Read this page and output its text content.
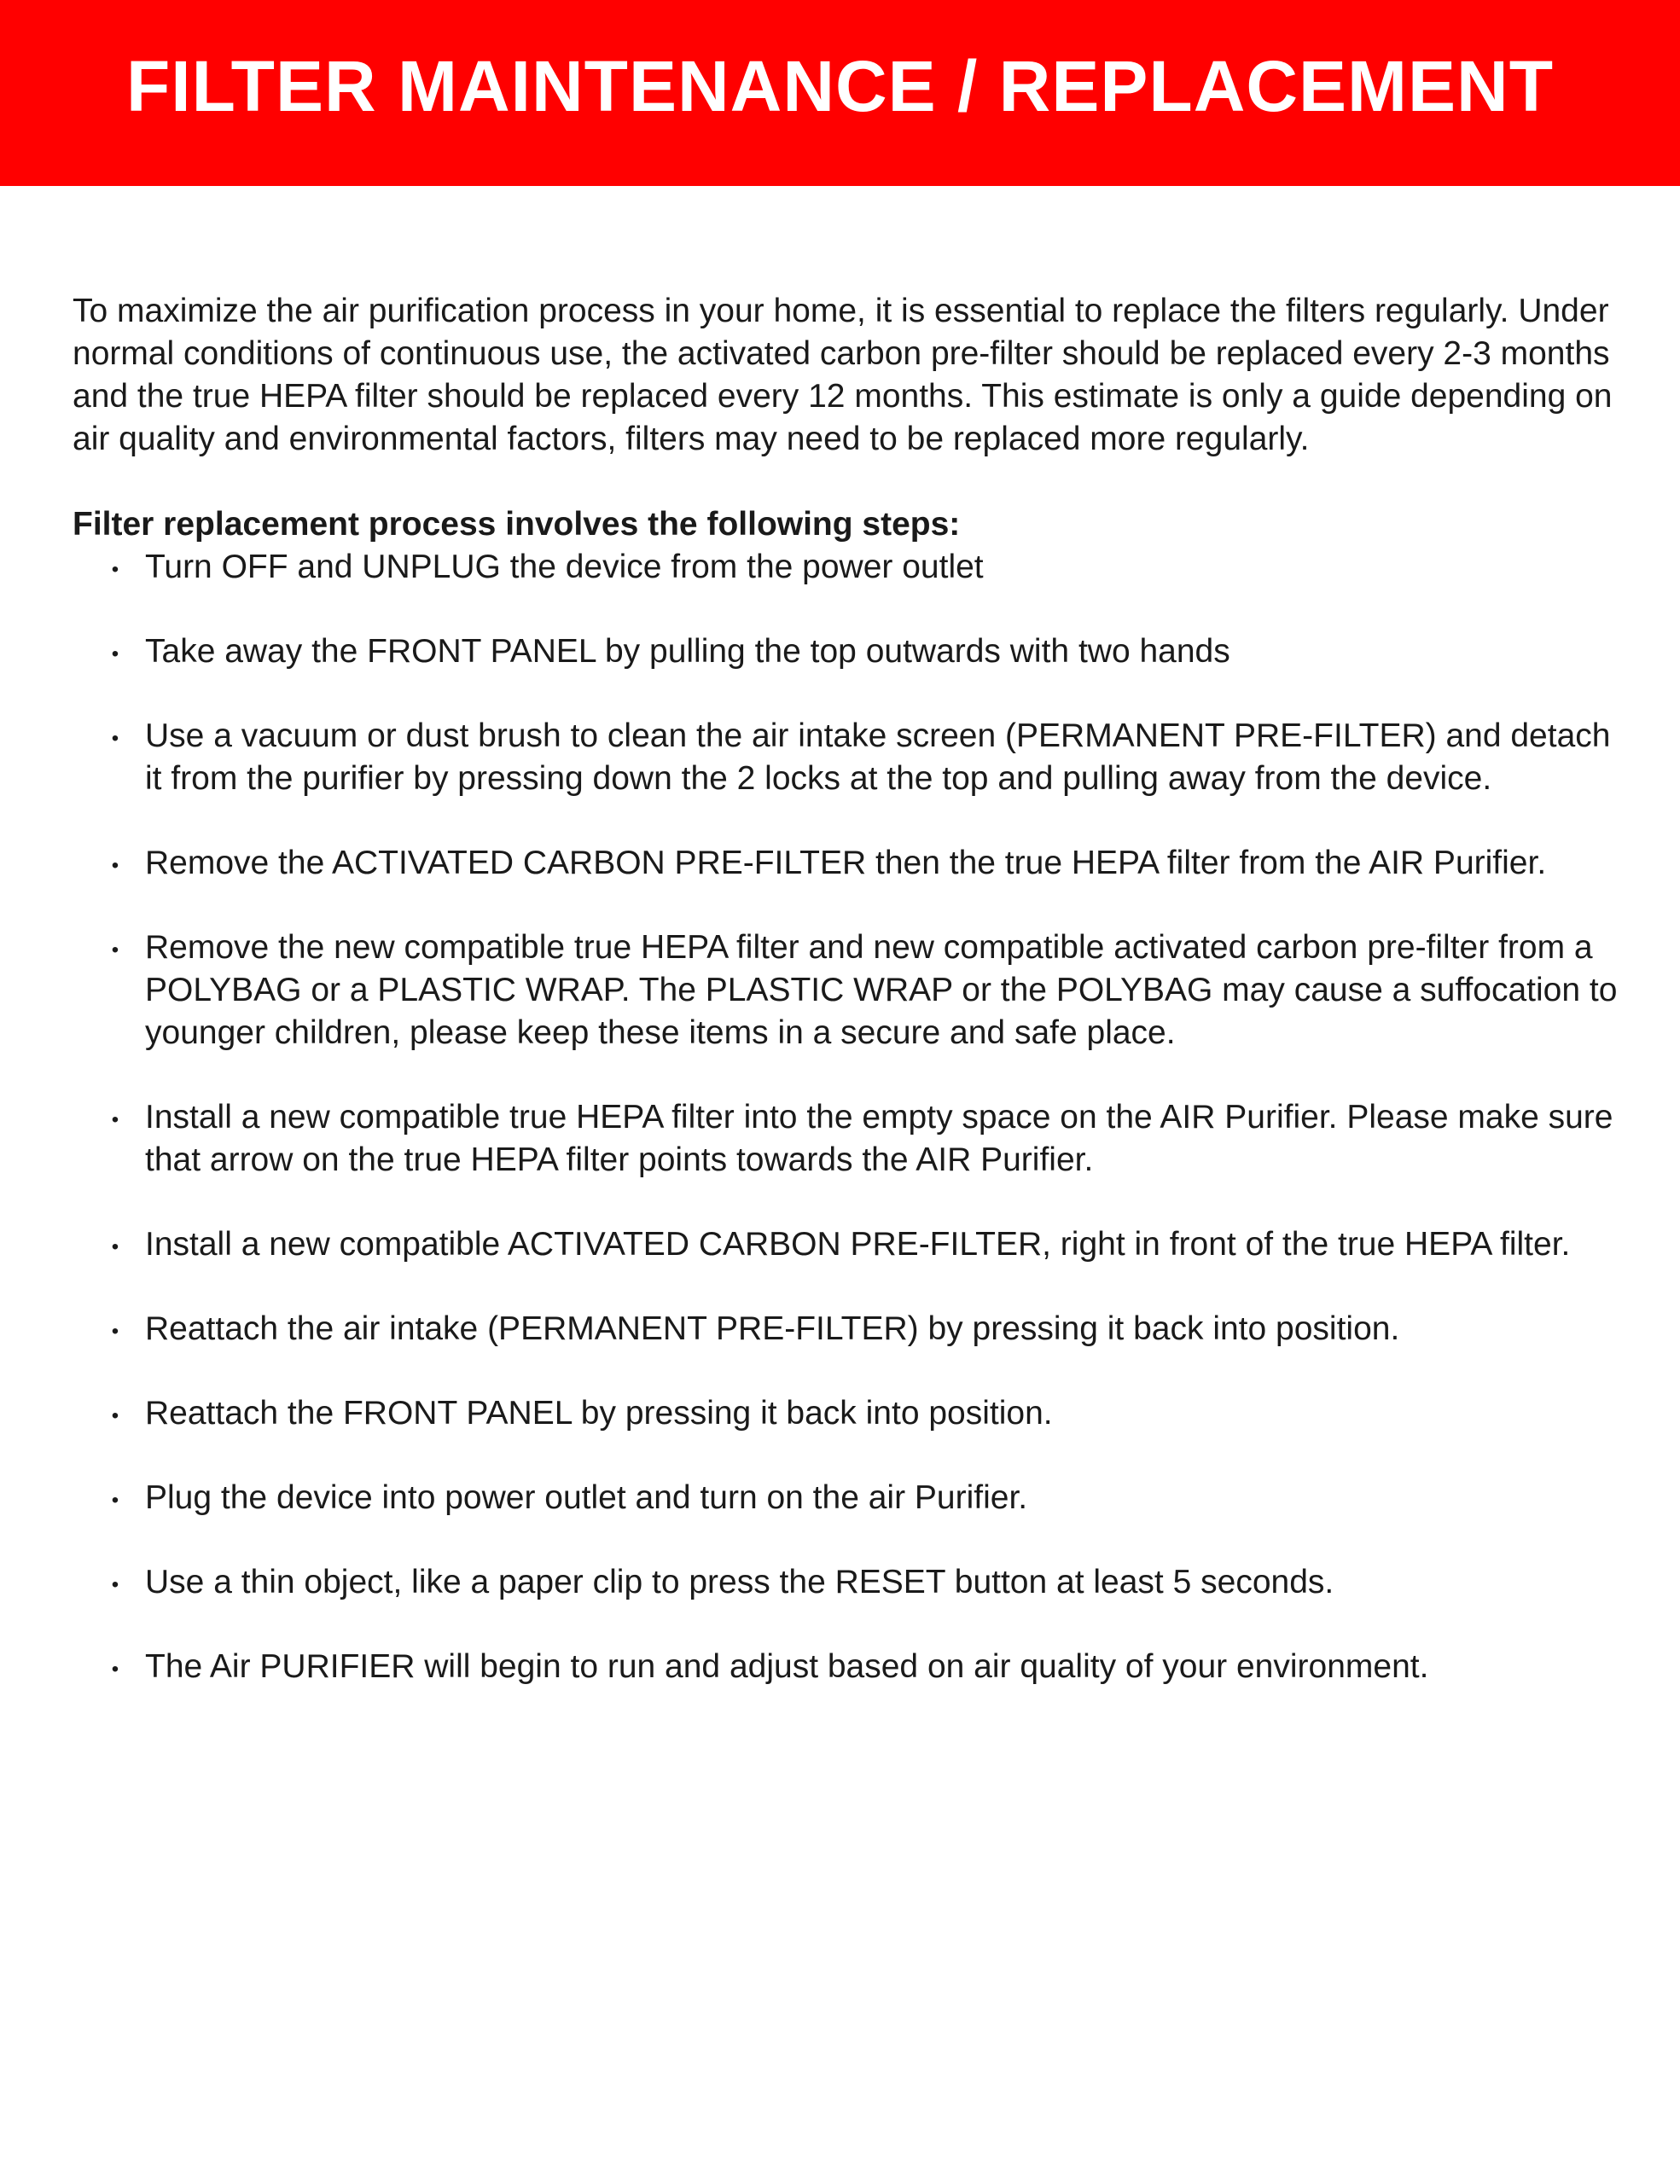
FILTER MAINTENANCE / REPLACEMENT

To maximize the air purification process in your home, it is essential to replace the filters regularly. Under normal conditions of continuous use, the activated carbon pre-filter should be replaced every 2-3 months and the true HEPA filter should be replaced every 12 months. This estimate is only a guide depending on air quality and environmental factors, filters may need to be replaced more regularly.

Filter replacement process involves the following steps:
• Turn OFF and UNPLUG the device from the power outlet
• Take away the FRONT PANEL by pulling the top outwards with two hands
• Use a vacuum or dust brush to clean the air intake screen (PERMANENT PRE-FILTER) and detach it from the purifier by pressing down the 2 locks at the top and pulling away from the device.
• Remove the ACTIVATED CARBON PRE-FILTER then the true HEPA filter from the AIR Purifier.
• Remove the new compatible true HEPA filter and new compatible activated carbon pre-filter from a POLYBAG or a PLASTIC WRAP. The PLASTIC WRAP or the POLYBAG may cause a suffocation to younger children, please keep these items in a secure and safe place.
• Install a new compatible true HEPA filter into the empty space on the AIR Purifier. Please make sure that arrow on the true HEPA filter points towards the AIR Purifier.
• Install a new compatible ACTIVATED CARBON PRE-FILTER, right in front of the true HEPA filter.
• Reattach the air intake (PERMANENT PRE-FILTER) by pressing it back into position.
• Reattach the FRONT PANEL by pressing it back into position.
• Plug the device into power outlet and turn on the air Purifier.
• Use a thin object, like a paper clip to press the RESET button at least 5 seconds.
• The Air PURIFIER will begin to run and adjust based on air quality of your environment.
